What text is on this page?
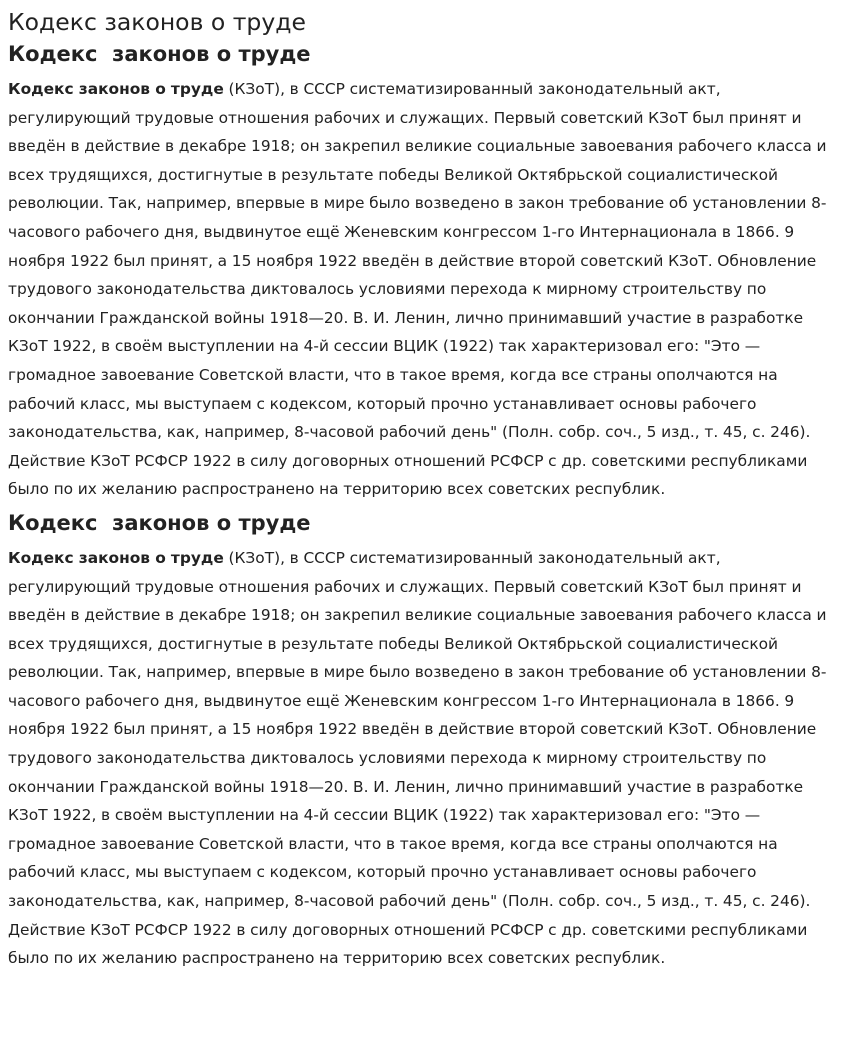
Кодекс законов о труде
Кодекс  законов о труде

Кодекс законов о труде (КЗоТ), в СССР систематизированный законодательный акт, регулирующий трудовые отношения рабочих и служащих. Первый советский КЗоТ был принят и введён в действие в декабре 1918; он закрепил великие социальные завоевания рабочего класса и всех трудящихся, достигнутые в результате победы Великой Октябрьской социалистической революции. Так, например, впервые в мире было возведено в закон требование об установлении 8-часового рабочего дня, выдвинутое ещё Женевским конгрессом 1-го Интернационала в 1866. 9 ноября 1922 был принят, а 15 ноября 1922 введён в действие второй советский КЗоТ. Обновление трудового законодательства диктовалось условиями перехода к мирному строительству по окончании Гражданской войны 1918—20. В. И. Ленин, лично принимавший участие в разработке КЗоТ 1922, в своём выступлении на 4-й сессии ВЦИК (1922) так характеризовал его: "Это — громадное завоевание Советской власти, что в такое время, когда все страны ополчаются на рабочий класс, мы выступаем с кодексом, который прочно устанавливает основы рабочего законодательства, как, например, 8-часовой рабочий день" (Полн. собр. соч., 5 изд., т. 45, с. 246). Действие КЗоТ РСФСР 1922 в силу договорных отношений РСФСР с др. советскими республиками было по их желанию распространено на территорию всех советских республик.

Кодекс  законов о труде

Кодекс законов о труде (КЗоТ), в СССР систематизированный законодательный акт, регулирующий трудовые отношения рабочих и служащих. Первый советский КЗоТ был принят и введён в действие в декабре 1918; он закрепил великие социальные завоевания рабочего класса и всех трудящихся, достигнутые в результате победы Великой Октябрьской социалистической революции. Так, например, впервые в мире было возведено в закон требование об установлении 8-часового рабочего дня, выдвинутое ещё Женевским конгрессом 1-го Интернационала в 1866. 9 ноября 1922 был принят, а 15 ноября 1922 введён в действие второй советский КЗоТ. Обновление трудового законодательства диктовалось условиями перехода к мирному строительству по окончании Гражданской войны 1918—20. В. И. Ленин, лично принимавший участие в разработке КЗоТ 1922, в своём выступлении на 4-й сессии ВЦИК (1922) так характеризовал его: "Это — громадное завоевание Советской власти, что в такое время, когда все страны ополчаются на рабочий класс, мы выступаем с кодексом, который прочно устанавливает основы рабочего законодательства, как, например, 8-часовой рабочий день" (Полн. собр. соч., 5 изд., т. 45, с. 246). Действие КЗоТ РСФСР 1922 в силу договорных отношений РСФСР с др. советскими республиками было по их желанию распространено на территорию всех советских республик.
